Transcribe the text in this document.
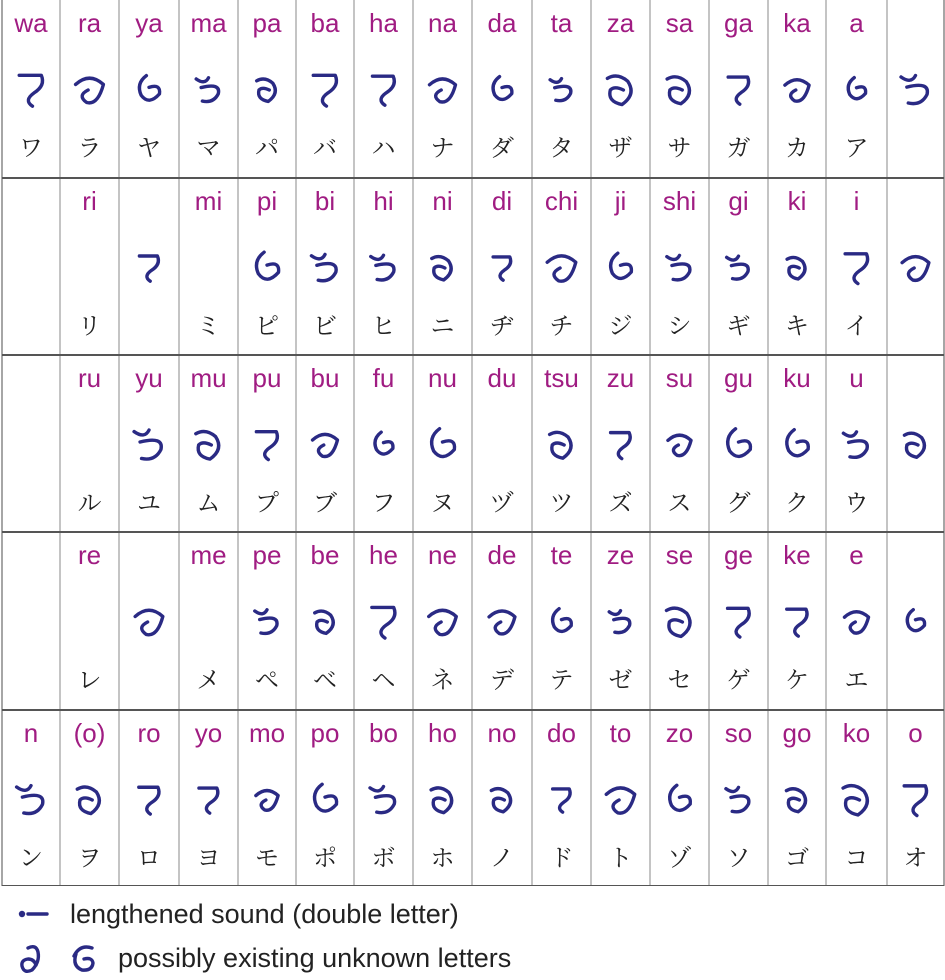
wa
ワ
ra
ラ
ya
ヤ
ma
マ
pa
パ
ba
バ
ha
ハ
na
ナ
da
ダ
ta
タ
za
ザ
sa
サ
ga
ガ
ka
カ
a
ア
ri
リ
mi
ミ
pi
ピ
bi
ビ
hi
ヒ
ni
ニ
di
ヂ
chi
チ
ji
ジ
shi
シ
gi
ギ
ki
キ
i
イ
ru
ル
yu
ユ
mu
ム
pu
プ
bu
ブ
fu
フ
nu
ヌ
du
ヅ
tsu
ツ
zu
ズ
su
ス
gu
グ
ku
ク
u
ウ
re
レ
me
メ
pe
ペ
be
ベ
he
ヘ
ne
ネ
de
デ
te
テ
ze
ゼ
se
セ
ge
ゲ
ke
ケ
e
エ
n
ン
(o)
ヲ
ro
ロ
yo
ヨ
mo
モ
po
ポ
bo
ボ
ho
ホ
no
ノ
do
ド
to
ト
zo
ゾ
so
ソ
go
ゴ
ko
コ
o
オ
lengthened sound (double letter)
possibly existing unknown letters
